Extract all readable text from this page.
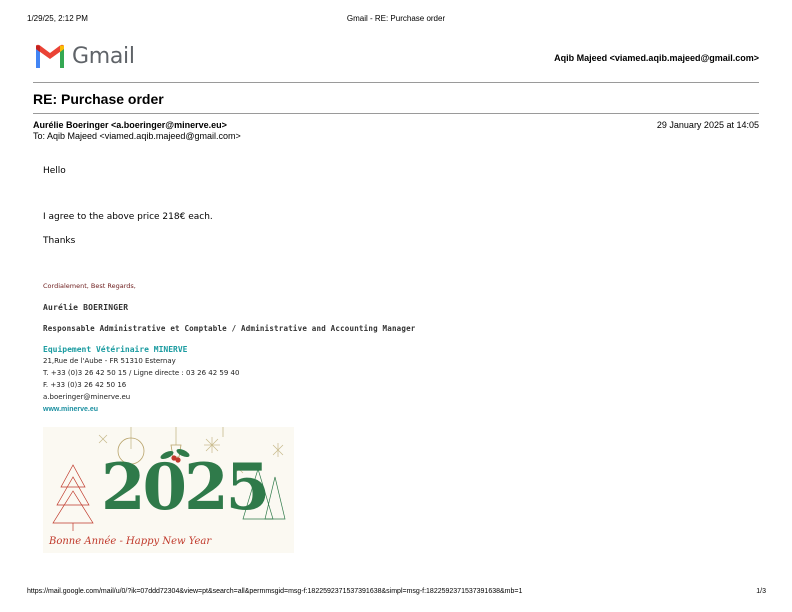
1/29/25, 2:12 PM	Gmail - RE: Purchase order
Gmail	Aqib Majeed <viamed.aqib.majeed@gmail.com>
RE: Purchase order
Aurélie Boeringer <a.boeringer@minerve.eu>	29 January 2025 at 14:05
To: Aqib Majeed <viamed.aqib.majeed@gmail.com>
Hello
I agree to the above price 218€ each.
Thanks
Cordialement, Best Regards,
Aurélie BOERINGER
Responsable Administrative et Comptable / Administrative and Accounting Manager
Equipement Vétérinaire MINERVE
21,Rue de l'Aube - FR 51310 Esternay
T. +33 (0)3 26 42 50 15 / Ligne directe : 03 26 42 59 40
F. +33 (0)3 26 42 50 16
a.boeringer@minerve.eu
www.minerve.eu
2025
Bonne Année - Happy New Year
https://mail.google.com/mail/u/0/?ik=07ddd72304&view=pt&search=all&permmsgid=msg-f:1822592371537391638&simpl=msg-f:1822592371537391638&mb=1	1/3
